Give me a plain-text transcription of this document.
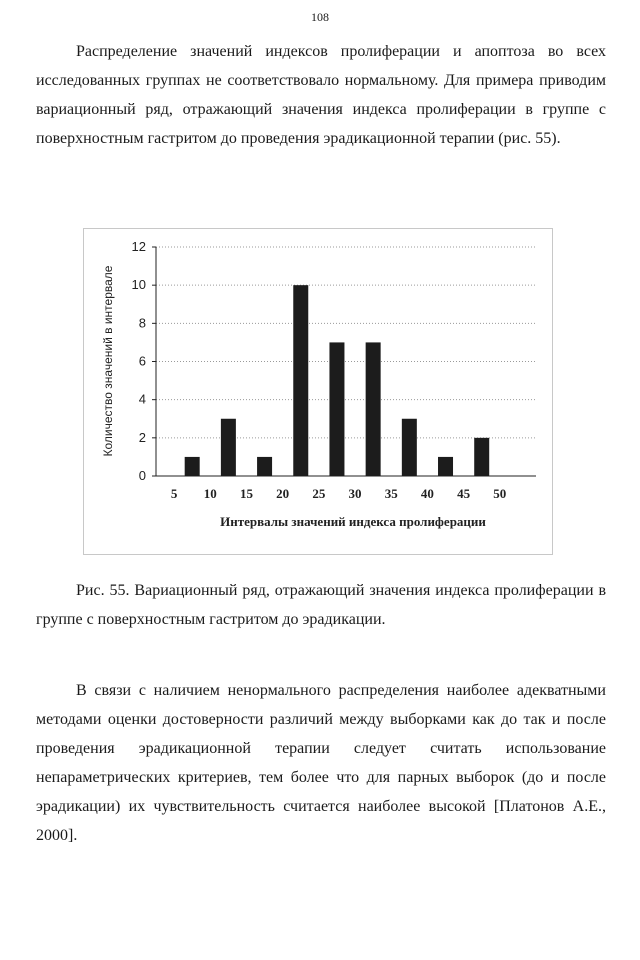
108

Распределение значений индексов пролиферации и апоптоза во всех исследованных группах не соответствовало нормальному. Для примера приводим вариационный ряд, отражающий значения индекса пролиферации в группе с поверхностным гастритом до проведения эрадикационной терапии (рис. 55).

0
2
4
6
8
10
12
5 10 15 20 25 30 35 40 45 50
Интервалы значений индекса пролиферации
Количество значений в интервале

Рис. 55. Вариационный ряд, отражающий значения индекса пролиферации в группе с поверхностным гастритом до эрадикации.

В связи с наличием ненормального распределения наиболее адекватными методами оценки достоверности различий между выборками как до так и после проведения эрадикационной терапии следует считать использование непараметрических критериев, тем более что для парных выборок (до и после эрадикации) их чувствительность считается наиболее высокой [Платонов А.Е., 2000].
